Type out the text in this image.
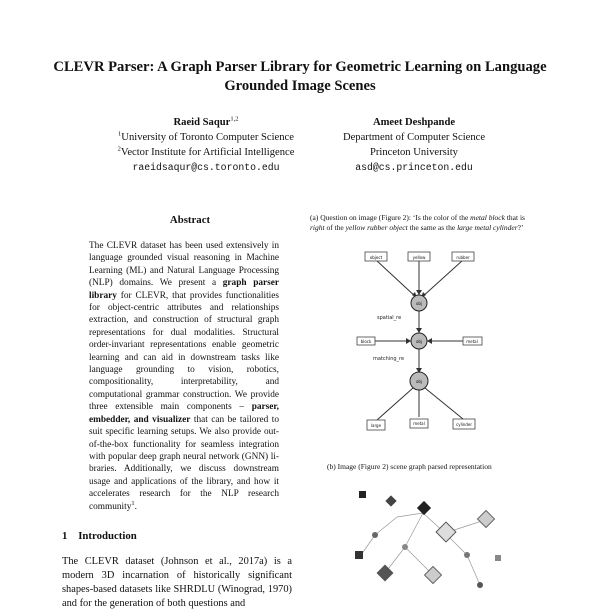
CLEVR Parser: A Graph Parser Library for Geometric Learning on Language Grounded Image Scenes
Raeid Saqur$^{1,2}$
$^1$University of Toronto Computer Science
$^2$Vector Institute for Artificial Intelligence
raeidsaqur@cs.toronto.edu
Ameet Deshpande
Department of Computer Science
Princeton University
asd@cs.princeton.edu
Abstract
The CLEVR dataset has been used extensively in language grounded visual reasoning in Machine Learning (ML) and Natural Language Processing (NLP) domains. We present a graph parser library for CLEVR, that provides functionalities for object-centric attributes and relationships extraction, and construction of structural graph representations for dual modalities. Structural order-invariant representations enable geometric learning and can aid in downstream tasks like language grounding to vision, robotics, compositionality, interpretability, and computational grammar construction. We provide three extensible main components – parser, embedder, and visualizer that can be tailored to suit specific learning setups. We also provide out-of-the-box functionality for seamless integration with popular deep graph neural network (GNN) libraries. Additionally, we discuss downstream usage and applications of the library, and how it accelerates research for the NLP research community$^1$.
1 Introduction
The CLEVR dataset (Johnson et al., 2017a) is a modern 3D incarnation of historically significant shapes-based datasets like SHRDLU (Winograd, 1970) and for the generation of both questions and
(a) Question on image (Figure 2): ‘Is the color of the metal block that is right of the yellow rubber object the same as the large metal cylinder?’
object	yellow	rubber
block	metal
large	metal	cylinder
obj
obj
obj
spatial_re
matching_re
(b) Image (Figure 2) scene graph parsed representation
